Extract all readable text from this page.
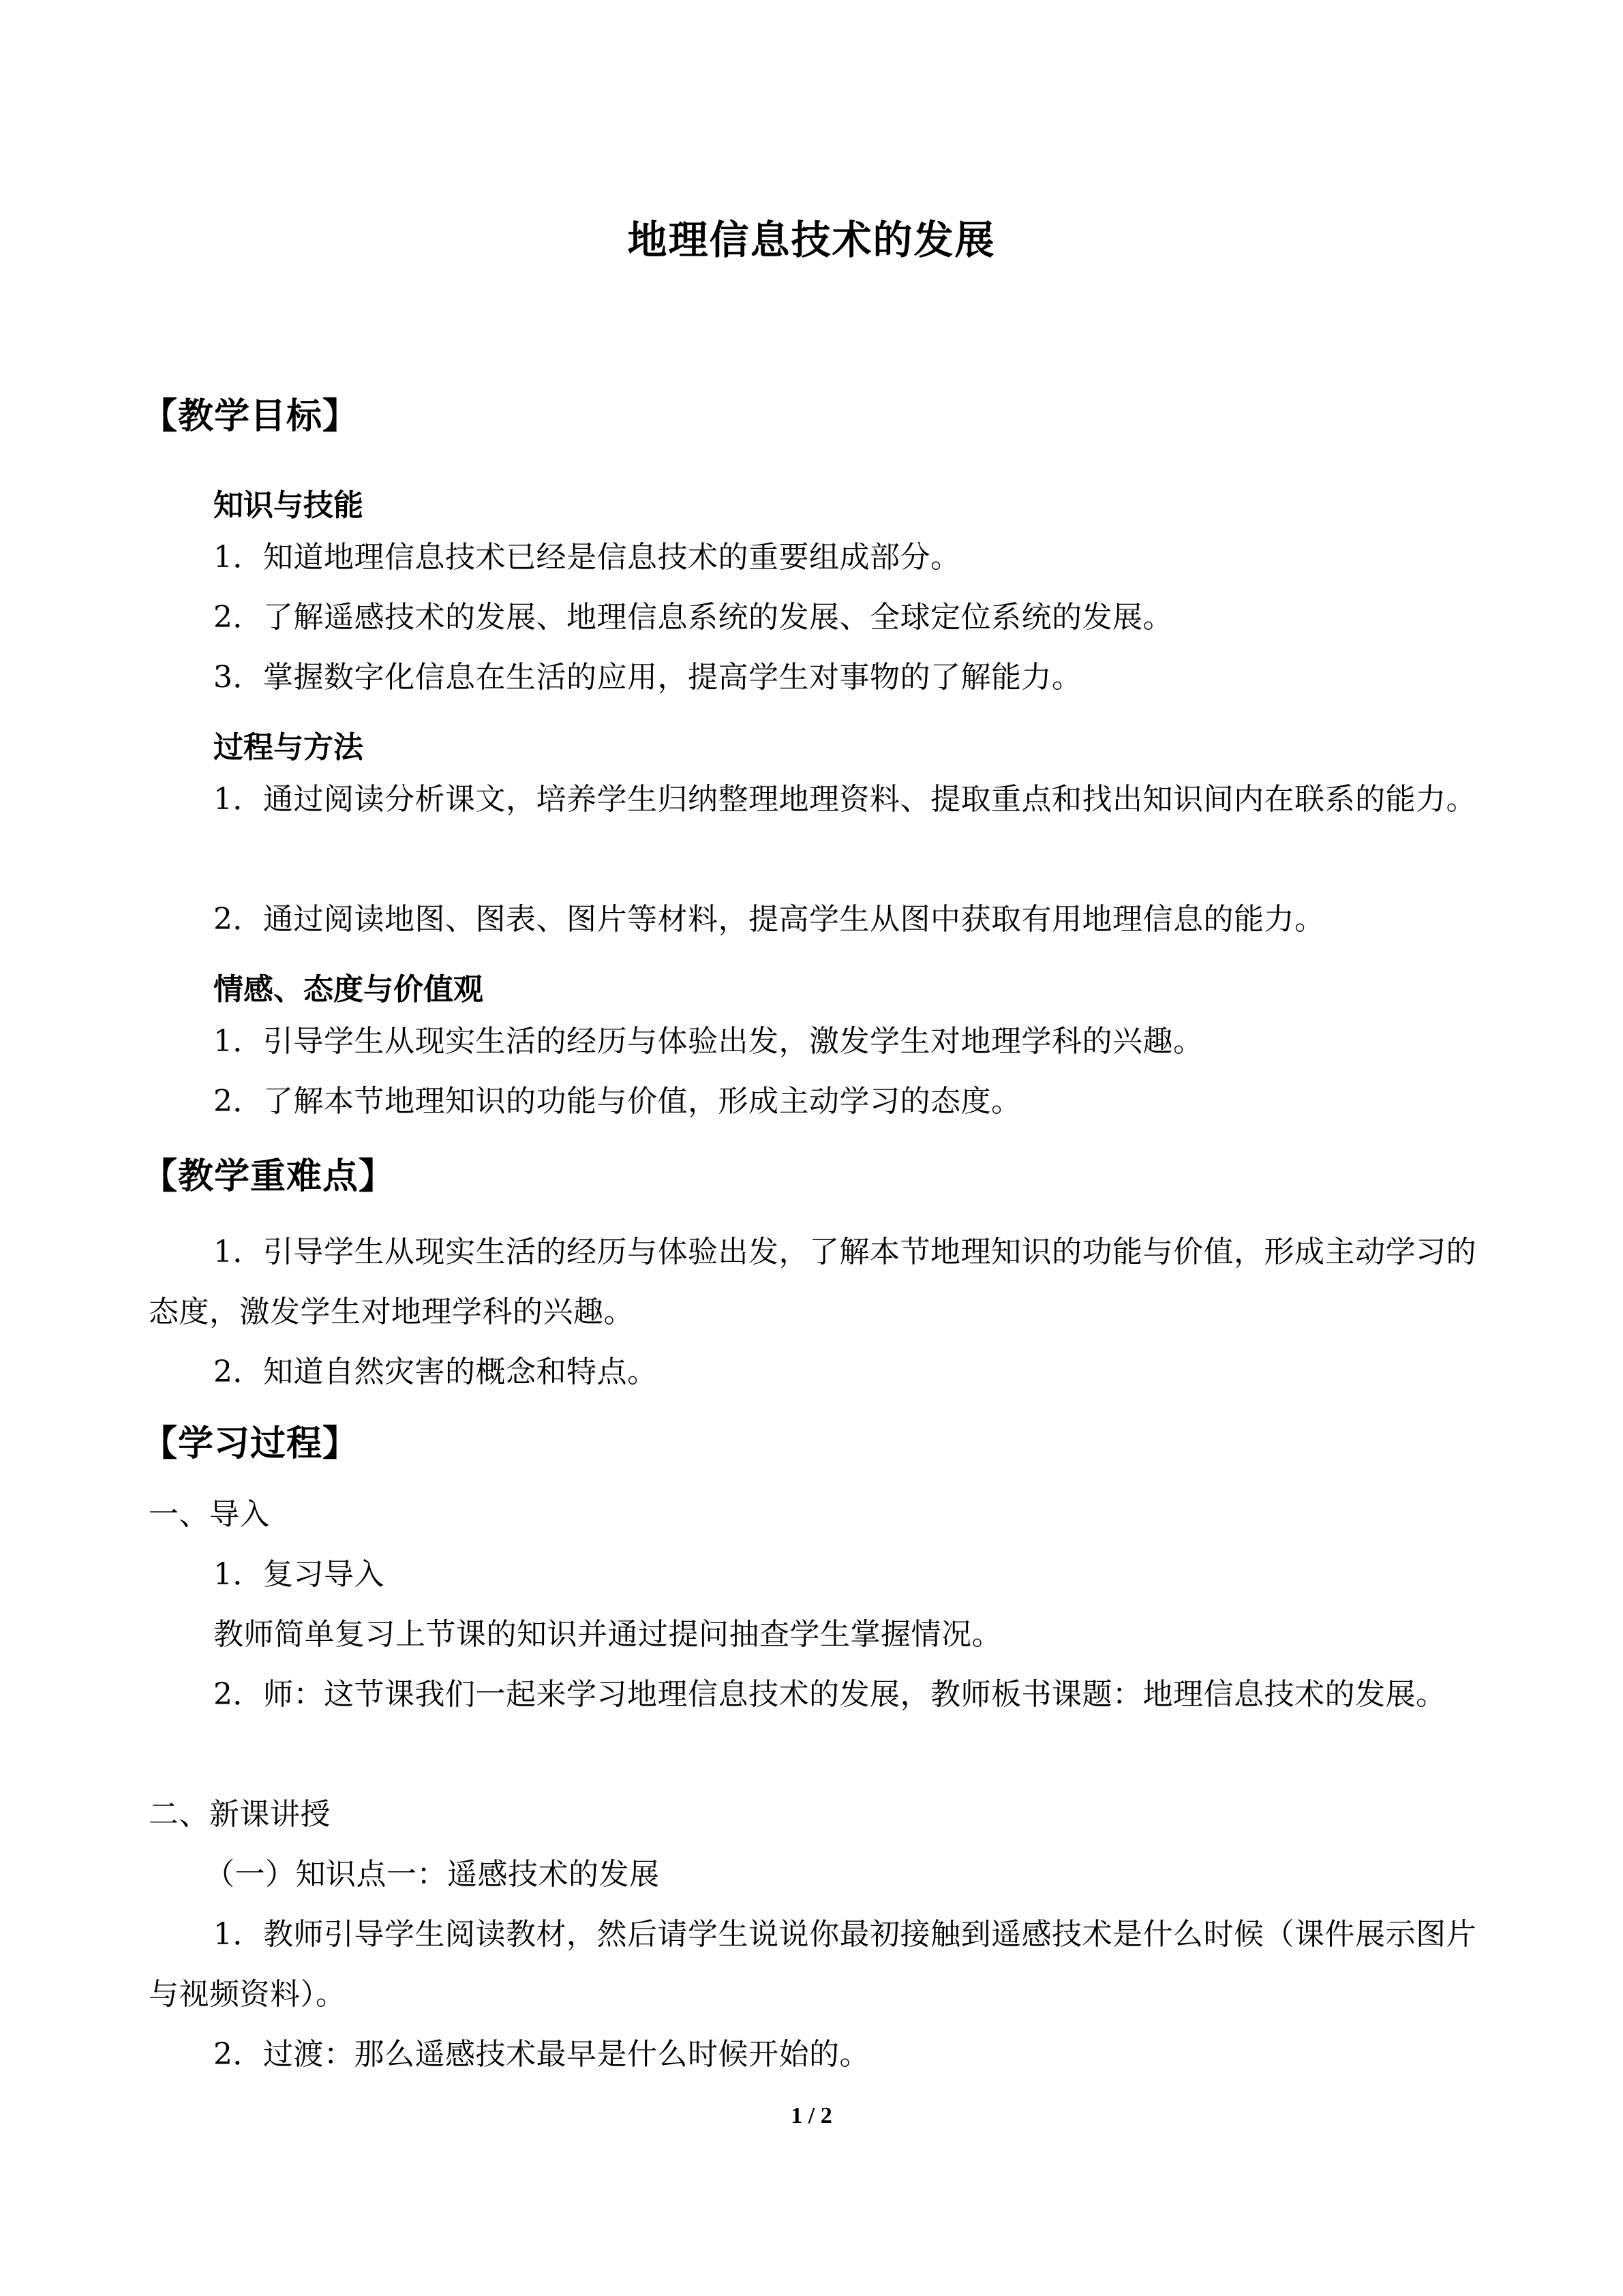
地理信息技术的发展
【教学目标】
知识与技能
1．知道地理信息技术已经是信息技术的重要组成部分。
2．了解遥感技术的发展、地理信息系统的发展、全球定位系统的发展。
3．掌握数字化信息在生活的应用，提高学生对事物的了解能力。
过程与方法
1．通过阅读分析课文，培养学生归纳整理地理资料、提取重点和找出知识间内在联系的能力。
2．通过阅读地图、图表、图片等材料，提高学生从图中获取有用地理信息的能力。
情感、态度与价值观
1．引导学生从现实生活的经历与体验出发，激发学生对地理学科的兴趣。
2．了解本节地理知识的功能与价值，形成主动学习的态度。
【教学重难点】
1．引导学生从现实生活的经历与体验出发，了解本节地理知识的功能与价值，形成主动学习的态度，激发学生对地理学科的兴趣。
2．知道自然灾害的概念和特点。
【学习过程】
一、导入
1．复习导入
教师简单复习上节课的知识并通过提问抽查学生掌握情况。
2．师：这节课我们一起来学习地理信息技术的发展，教师板书课题：地理信息技术的发展。
二、新课讲授
（一）知识点一：遥感技术的发展
1．教师引导学生阅读教材，然后请学生说说你最初接触到遥感技术是什么时候（课件展示图片与视频资料）。
2．过渡：那么遥感技术最早是什么时候开始的。
1 / 2
